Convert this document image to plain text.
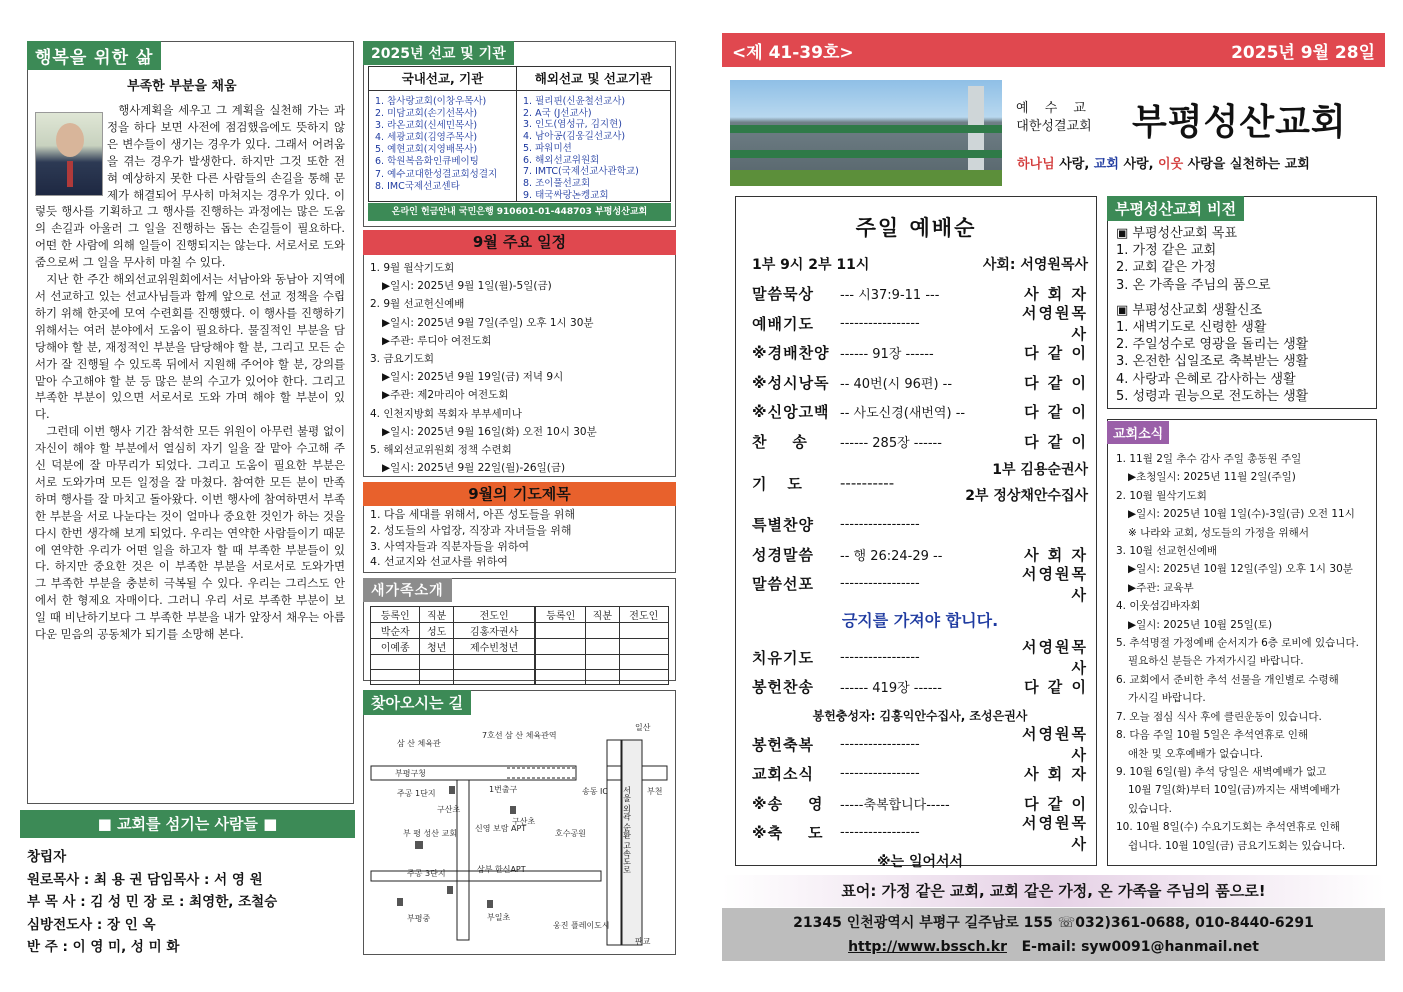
행복을 위한 삶
부족한 부분을 채움

행사계획을 세우고 그 계획을 실천해 가는 과정을 하다 보면 사전에 점검했음에도 뜻하지 않은 변수들이 생기는 경우가 있다. 그래서 어려움을 겪는 경우가 발생한다. 하지만 그것 또한 전혀 예상하지 못한 다른 사람들의 손길을 통해 문제가 해결되어 무사히 마쳐지는 경우가 있다. 이렇듯 행사를 기획하고 그 행사를 진행하는 과정에는 많은 도움의 손길과 아울러 그 일을 진행하는 돕는 손길들이 필요하다. 어떤 한 사람에 의해 일들이 진행되지는 않는다. 서로서로 도와줌으로써 그 일을 무사히 마칠 수 있다.

지난 한 주간 해외선교위원회에서는 서남아와 동남아 지역에서 선교하고 있는 선교사님들과 함께 앞으로 선교 정책을 수립하기 위해 한곳에 모여 수련회를 진행했다. 이 행사를 진행하기 위해서는 여러 분야에서 도움이 필요하다. 물질적인 부분을 담당해야 할 분, 재정적인 부분을 담당해야 할 분, 그리고 모든 순서가 잘 진행될 수 있도록 뒤에서 지원해 주어야 할 분, 강의를 맡아 수고해야 할 분 등 많은 분의 수고가 있어야 한다. 그리고 부족한 부분이 있으면 서로서로 도와 가며 해야 할 부분이 있다.

그런데 이번 행사 기간 참석한 모든 위원이 아무런 불평 없이 자신이 해야 할 부분에서 열심히 자기 일을 잘 맡아 수고해 주신 덕분에 잘 마무리가 되었다. 그리고 도움이 필요한 부분은 서로 도와가며 모든 일정을 잘 마쳤다. 참여한 모든 분이 만족하며 행사를 잘 마치고 돌아왔다. 이번 행사에 참여하면서 부족한 부분을 서로 나눈다는 것이 얼마나 중요한 것인가 하는 것을 다시 한번 생각해 보게 되었다. 우리는 연약한 사람들이기 때문에 연약한 우리가 어떤 일을 하고자 할 때 부족한 부분들이 있다. 하지만 중요한 것은 이 부족한 부분을 서로서로 도와가면 그 부족한 부분을 충분히 극복될 수 있다. 우리는 그리스도 안에서 한 형제요 자매이다. 그러니 우리 서로 부족한 부분이 보일 때 비난하기보다 그 부족한 부분을 내가 앞장서 채우는 아름다운 믿음의 공동체가 되기를 소망해 본다.

■ 교회를 섬기는 사람들 ■
창립자
원로목사 : 최 용 권 담임목사 : 서 영 원
부 목 사 : 김 성 민 장 로 : 최영한, 조철승
심방전도사 : 장 인 옥
반 주 : 이 영 미, 성 미 화
2025년 선교 및 기관
국내선교, 기관
1. 참사랑교회(이창우목사)
2. 미담교회(손기선목사)
3. 라온교회(신세민목사)
4. 세광교회(김영주목사)
5. 예현교회(지영배목사)
6. 학원복음화인큐베이팅
7. 예수교대한성결교회성결지
8. IMC국제선교센타
해외선교 및 선교기관
1. 필리핀(신윤철선교사)
2. A국 (J선교사)
3. 인도(염성규, 김지현)
4. 남아공(김웅길선교사)
5. 파워미션
6. 해외선교위원회
7. IMTC(국제선교사관학교)
8. 조이풀선교회
9. 태국싸랑논켕교회
온라인 헌금안내 국민은행 910601-01-448703 부평성산교회
9월 주요 일정
1. 9월 월삭기도회
▶일시: 2025년 9월 1일(월)-5일(금)
2. 9월 선교헌신예배
▶일시: 2025년 9월 7일(주일) 오후 1시 30분
▶주관: 루디아 여전도회
3. 금요기도회
▶일시: 2025년 9월 19일(금) 저녁 9시
▶주관: 제2마리아 여전도회
4. 인천지방회 목회자 부부세미나
▶일시: 2025년 9월 16일(화) 오전 10시 30분
5. 해외선교위원회 정책 수련회
▶일시: 2025년 9월 22일(월)-26일(금)
9월의 기도제목
1. 다음 세대를 위해서, 아픈 성도들을 위해
2. 성도들의 사업장, 직장과 자녀들을 위해
3. 사역자들과 직분자들을 위하여
4. 선교지와 선교사를 위하여
새가족소개
등록인	직분	전도인	등록인	직분	전도인
박순자	성도	김홍자권사			
이예종	청년	제수빈청년			

찾아오시는 길
삼 산 체육관
7호선 삼 산 체육관역
일산
부평구청
부천
주공 1단지
구산초
1번출구	송동 IC
부 평 성산 교회
신영 보람 APT
구산초
호수공원
주공 3단지
부평중
삼부 한신APT
부일초
웅진 플레이도시
판교
서울 외곽 순환 고속도로
<제 41-39호>	2025년 9월 28일
예 수 교
대한성결교회 부평성산교회
하나님 사랑, 교회 사랑, 이웃 사랑을 실천하는 교회
주일 예배순
1부 9시 2부 11시	사회: 서영원목사
말씀묵상	--- 시37:9-11 ---	사 회 자
예배기도	-----------------
서영원목사
※경배찬양 ------ 91장 ------	다 같 이
※성시낭독 -- 40번(시 96편) --	다 같 이
※신앙고백 -- 사도신경(새번역) --	다 같 이
찬    송	------ 285장 ------	다 같 이
기    도	----------
1부 김용순권사
2부 정상채안수집사
특별찬양	-----------------
성경말씀	-- 행 26:24-29 --	사 회 자
말씀선포	-----------------
서영원목사
긍지를 가져야 합니다.
치유기도	-----------------
서영원목사
봉헌찬송	------ 419장 ------	다 같 이
봉헌충성자: 김홍익안수집사, 조성은권사
봉헌축복	-----------------
서영원목사
교회소식	-----------------	사 회 자
※송    영	-----축복합니다-----	다 같 이
※축    도	-----------------
서영원목사
※는 일어서서
부평성산교회 비전
▣ 부평성산교회 목표
1. 가정 같은 교회
2. 교회 같은 가정
3. 온 가족을 주님의 품으로
▣ 부평성산교회 생활신조
1. 새벽기도로 신령한 생활
2. 주일성수로 영광을 돌리는 생활
3. 온전한 십일조로 축복받는 생활
4. 사랑과 은혜로 감사하는 생활
5. 성령과 권능으로 전도하는 생활
교회소식
1. 11월 2일 추수 감사 주일 총동원 주일
▶초청일시: 2025년 11월 2일(주일)
2. 10월 월삭기도회
▶일시: 2025년 10월 1일(수)-3일(금) 오전 11시
※ 나라와 교회, 성도들의 가정을 위해서
3. 10월 선교헌신예배
▶일시: 2025년 10월 12일(주일) 오후 1시 30분
▶주관: 교육부
4. 이웃섬김바자회
▶일시: 2025년 10월 25일(토)
5. 추석명절 가정예배 순서지가 6층 로비에 있습니다.
필요하신 분들은 가져가시길 바랍니다.
6. 교회에서 준비한 추석 선물을 개인별로 수령해
가시길 바랍니다.
7. 오늘 점심 식사 후에 클린운동이 있습니다.
8. 다음 주일 10월 5일은 추석연휴로 인해
애찬 및 오후예배가 없습니다.
9. 10월 6일(월) 추석 당일은 새벽예배가 없고
10월 7일(화)부터 10일(금)까지는 새벽예배가
있습니다.
10. 10월 8일(수) 수요기도회는 추석연휴로 인해
쉽니다. 10월 10일(금) 금요기도회는 있습니다.
표어: 가정 같은 교회, 교회 같은 가정, 온 가족을 주님의 품으로!
21345 인천광역시 부평구 길주남로 155 ☏032)361-0688, 010-8440-6291
http://www.bssch.kr E-mail: syw0091@hanmail.net
